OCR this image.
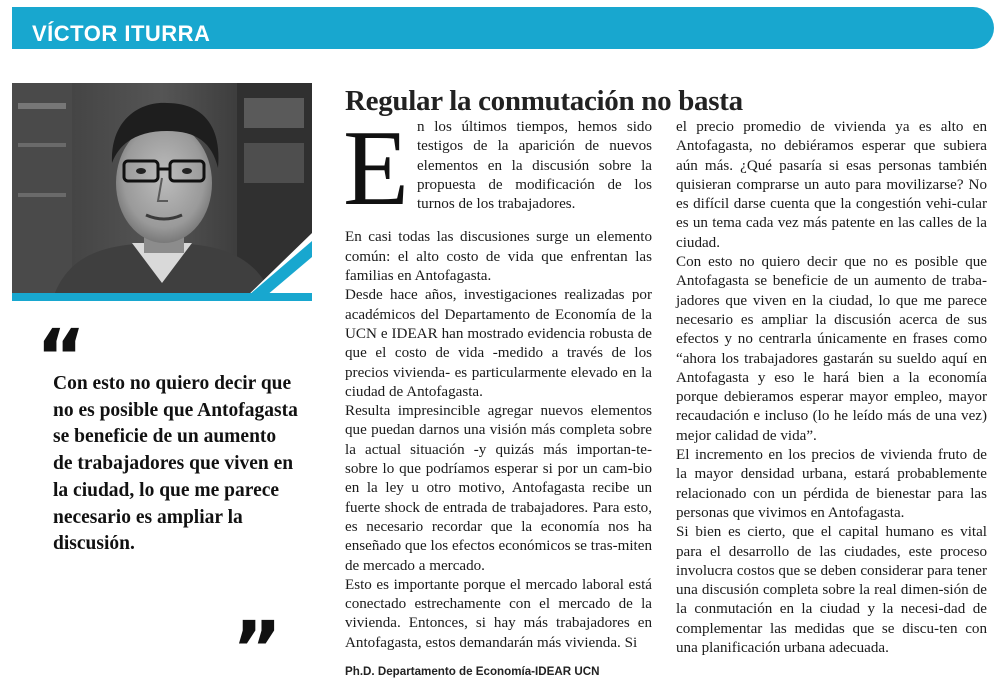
VÍCTOR ITURRA
Regular la conmutación no basta
“

Con esto no quiero decir que no es posible que Antofagasta se beneficie de un aumento de trabajadores que viven en la ciudad, lo que me parece necesario es ampliar la discusión.

”

En los últimos tiempos, hemos sido testigos de la aparición de nuevos elementos en la discusión sobre la propuesta de modificación de los turnos de los trabajadores.

En casi todas las discusiones surge un elemento común: el alto costo de vida que enfrentan las familias en Antofagasta.

Desde hace años, investigaciones realizadas por académicos del Departamento de Economía de la UCN e IDEAR han mostrado evidencia robusta de que el costo de vida -medido a través de los precios vivienda- es particularmente elevado en la ciudad de Antofagasta.

Resulta impresincible agregar nuevos elementos que puedan darnos una visión más completa sobre la actual situación -y quizás más importan-te- sobre lo que podríamos esperar si por un cam-bio en la ley u otro motivo, Antofagasta recibe un fuerte shock de entrada de trabajadores. Para esto, es necesario recordar que la economía nos ha enseñado que los efectos económicos se tras-miten de mercado a mercado.

Esto es importante porque el mercado laboral está conectado estrechamente con el mercado de la vivienda. Entonces, si hay más trabajadores en Antofagasta, estos demandarán más vivienda. Si

el precio promedio de vivienda ya es alto en Antofagasta, no debiéramos esperar que subiera aún más. ¿Qué pasaría si esas personas también quisieran comprarse un auto para movilizarse? No es difícil darse cuenta que la congestión vehi-cular es un tema cada vez más patente en las calles de la ciudad.

Con esto no quiero decir que no es posible que Antofagasta se beneficie de un aumento de traba-jadores que viven en la ciudad, lo que me parece necesario es ampliar la discusión acerca de sus efectos y no centrarla únicamente en frases como “ahora los trabajadores gastarán su sueldo aquí en Antofagasta y eso le hará bien a la economía porque debieramos esperar mayor empleo, mayor recaudación e incluso (lo he leído más de una vez) mejor calidad de vida”.

El incremento en los precios de vivienda fruto de la mayor densidad urbana, estará probablemente relacionado con un pérdida de bienestar para las personas que vivimos en Antofagasta.

Si bien es cierto, que el capital humano es vital para el desarrollo de las ciudades, este proceso involucra costos que se deben considerar para tener una discusión completa sobre la real dimen-sión de la conmutación en la ciudad y la necesi-dad de complementar las medidas que se discu-ten con una planificación urbana adecuada.

Ph.D. Departamento de Economía-IDEAR UCN
